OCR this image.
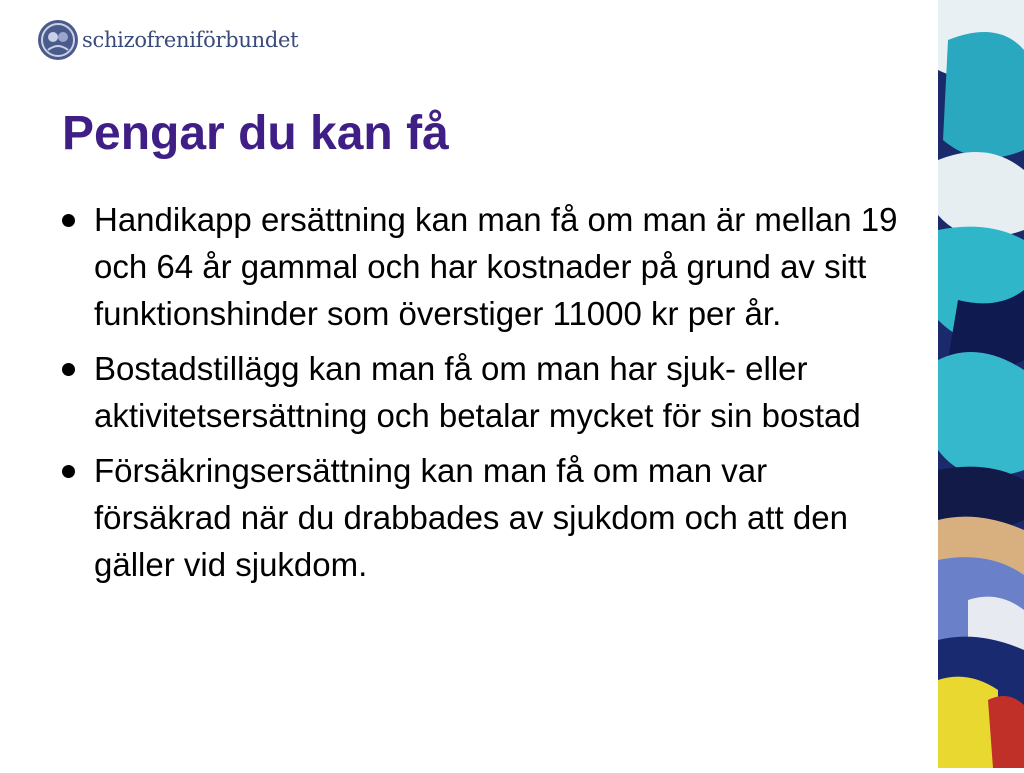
schizofreniförbundet
Pengar du kan få
Handikapp ersättning kan man få om man är mellan 19 och 64 år gammal och har kostnader på grund av sitt funktionshinder som överstiger 11000 kr per år.
Bostadstillägg kan man få om man har sjuk- eller aktivitetsersättning och betalar mycket för sin bostad
Försäkringsersättning kan man få om man var försäkrad när du drabbades av sjukdom och att den gäller vid sjukdom.
